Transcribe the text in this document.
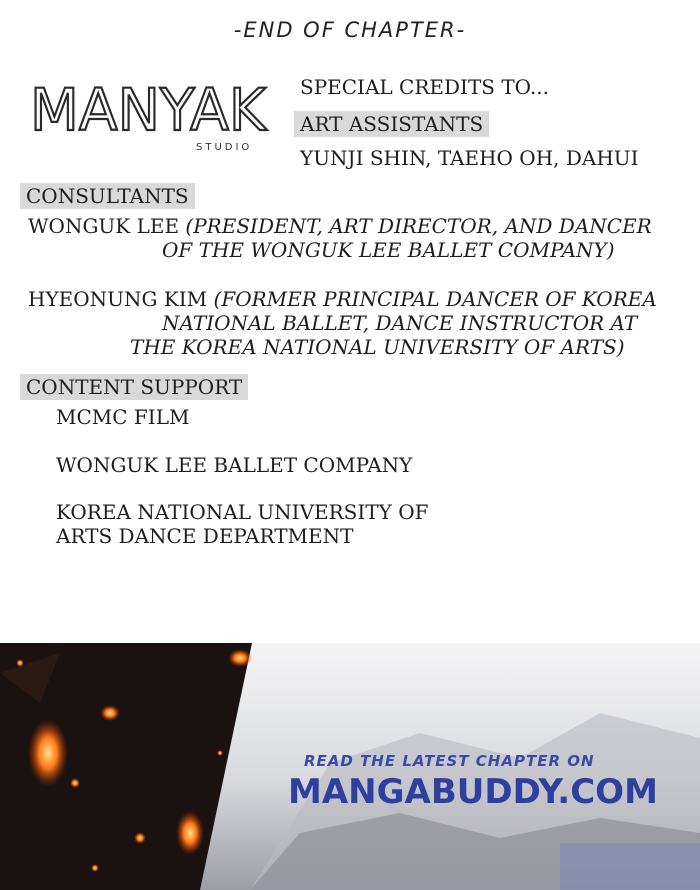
-END OF CHAPTER-
MANYAK
STUDIO
SPECIAL CREDITS TO...
ART ASSISTANTS
YUNJI SHIN, TAEHO OH, DAHUI
CONSULTANTS
WONGUK LEE (PRESIDENT, ART DIRECTOR, AND DANCER
OF THE WONGUK LEE BALLET COMPANY)
HYEONUNG KIM (FORMER PRINCIPAL DANCER OF KOREA
NATIONAL BALLET, DANCE INSTRUCTOR AT
THE KOREA NATIONAL UNIVERSITY OF ARTS)
CONTENT SUPPORT
MCMC FILM
WONGUK LEE BALLET COMPANY
KOREA NATIONAL UNIVERSITY OF
ARTS DANCE DEPARTMENT
READ THE LATEST CHAPTER ON
MANGABUDDY.COM
